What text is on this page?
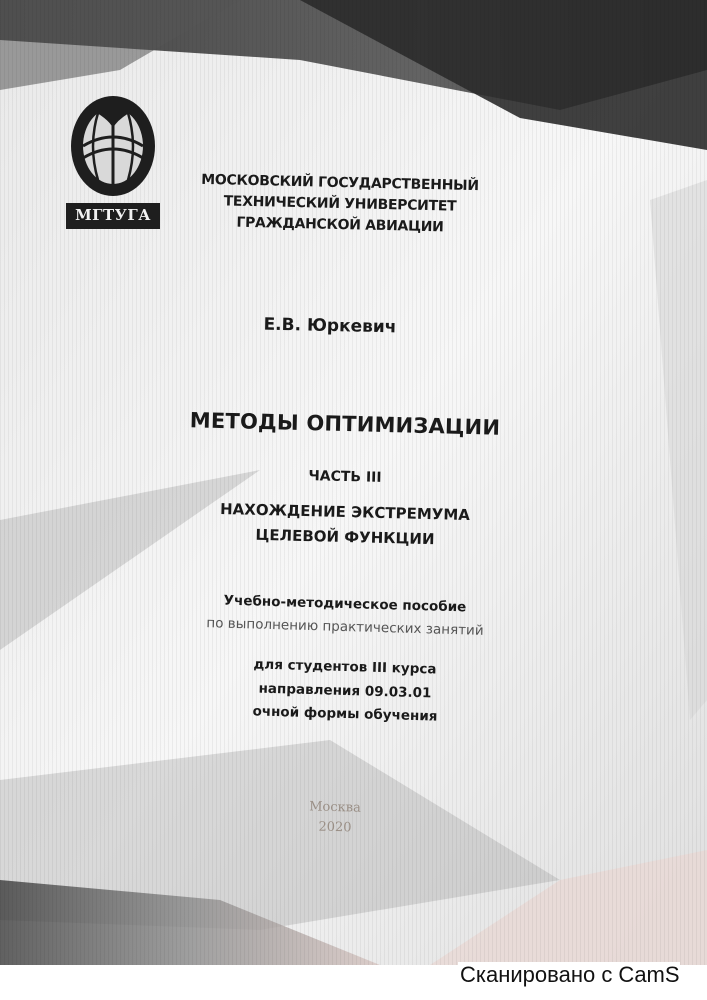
МГТУГА
МОСКОВСКИЙ ГОСУДАРСТВЕННЫЙ
ТЕХНИЧЕСКИЙ УНИВЕРСИТЕТ
ГРАЖДАНСКОЙ АВИАЦИИ
Е.В. Юркевич
МЕТОДЫ ОПТИМИЗАЦИИ
ЧАСТЬ III
НАХОЖДЕНИЕ ЭКСТРЕМУМА
ЦЕЛЕВОЙ ФУНКЦИИ
Учебно-методическое пособие
по выполнению практических занятий
для студентов III курса
направления 09.03.01
очной формы обучения
Москва
2020
Сканировано с CamS
